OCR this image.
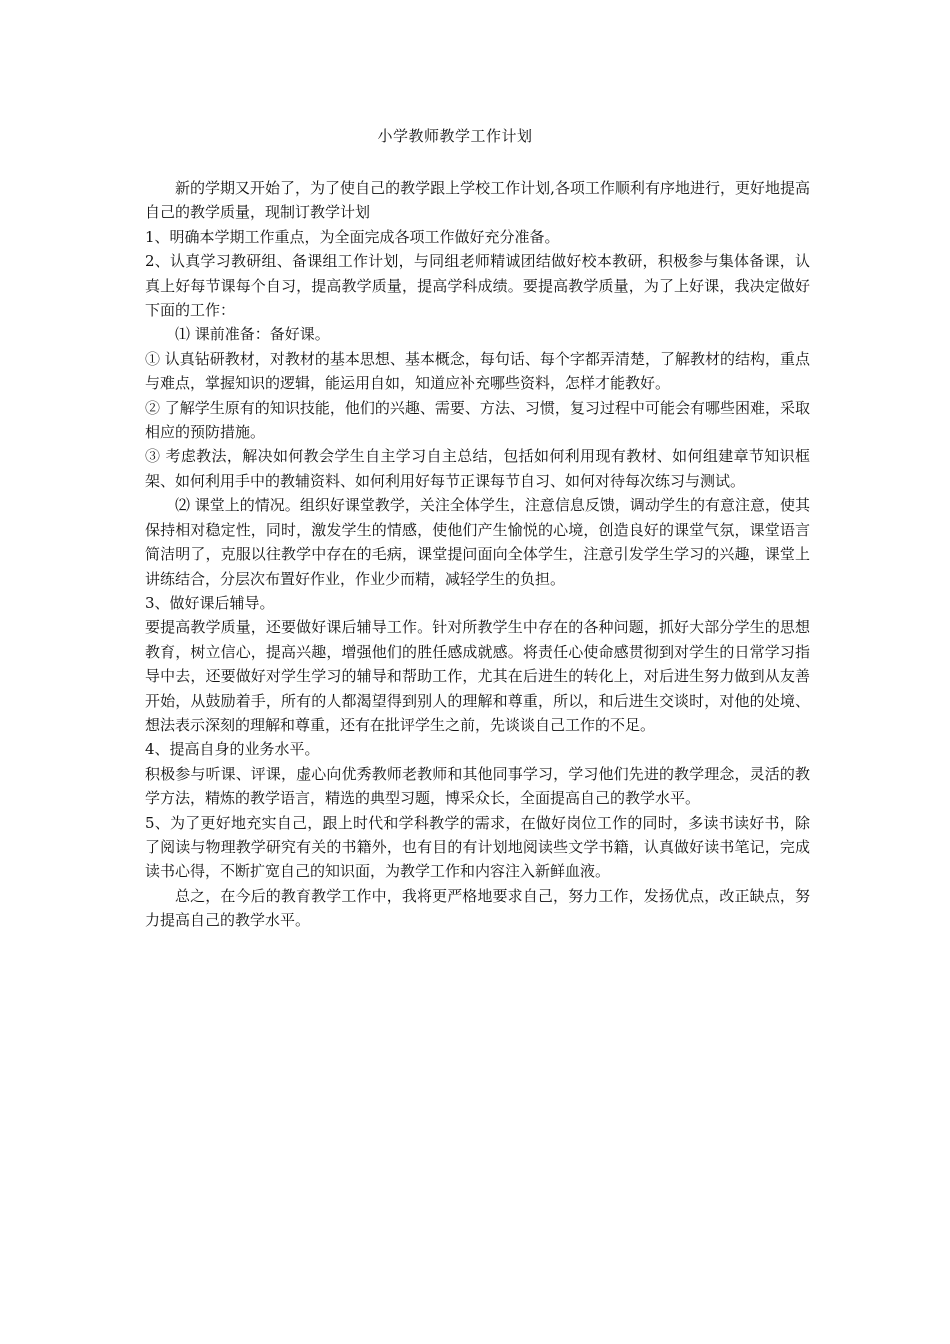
小学教师教学工作计划

新的学期又开始了，为了使自己的教学跟上学校工作计划,各项工作顺利有序地进行，更好地提高自己的教学质量，现制订教学计划

1、明确本学期工作重点，为全面完成各项工作做好充分准备。

2、认真学习教研组、备课组工作计划，与同组老师精诚团结做好校本教研，积极参与集体备课，认真上好每节课每个自习，提高教学质量，提高学科成绩。要提高教学质量，为了上好课，我决定做好下面的工作：

⑴ 课前准备：备好课。

① 认真钻研教材，对教材的基本思想、基本概念，每句话、每个字都弄清楚，了解教材的结构，重点与难点，掌握知识的逻辑，能运用自如，知道应补充哪些资料，怎样才能教好。

② 了解学生原有的知识技能，他们的兴趣、需要、方法、习惯，复习过程中可能会有哪些困难，采取相应的预防措施。

③ 考虑教法，解决如何教会学生自主学习自主总结，包括如何利用现有教材、如何组建章节知识框架、如何利用手中的教辅资料、如何利用好每节正课每节自习、如何对待每次练习与测试。

⑵ 课堂上的情况。组织好课堂教学，关注全体学生，注意信息反馈，调动学生的有意注意，使其保持相对稳定性，同时，激发学生的情感，使他们产生愉悦的心境，创造良好的课堂气氛，课堂语言简洁明了，克服以往教学中存在的毛病，课堂提问面向全体学生，注意引发学生学习的兴趣，课堂上讲练结合，分层次布置好作业，作业少而精，减轻学生的负担。

3、做好课后辅导。

要提高教学质量，还要做好课后辅导工作。针对所教学生中存在的各种问题，抓好大部分学生的思想教育，树立信心，提高兴趣，增强他们的胜任感成就感。将责任心使命感贯彻到对学生的日常学习指导中去，还要做好对学生学习的辅导和帮助工作，尤其在后进生的转化上，对后进生努力做到从友善开始，从鼓励着手，所有的人都渴望得到别人的理解和尊重，所以，和后进生交谈时，对他的处境、想法表示深刻的理解和尊重，还有在批评学生之前，先谈谈自己工作的不足。

4、提高自身的业务水平。

积极参与听课、评课，虚心向优秀教师老教师和其他同事学习，学习他们先进的教学理念，灵活的教学方法，精炼的教学语言，精选的典型习题，博采众长，全面提高自己的教学水平。

5、为了更好地充实自己，跟上时代和学科教学的需求，在做好岗位工作的同时，多读书读好书，除了阅读与物理教学研究有关的书籍外，也有目的有计划地阅读些文学书籍，认真做好读书笔记，完成读书心得，不断扩宽自己的知识面，为教学工作和内容注入新鲜血液。

总之，在今后的教育教学工作中，我将更严格地要求自己，努力工作，发扬优点，改正缺点，努力提高自己的教学水平。
